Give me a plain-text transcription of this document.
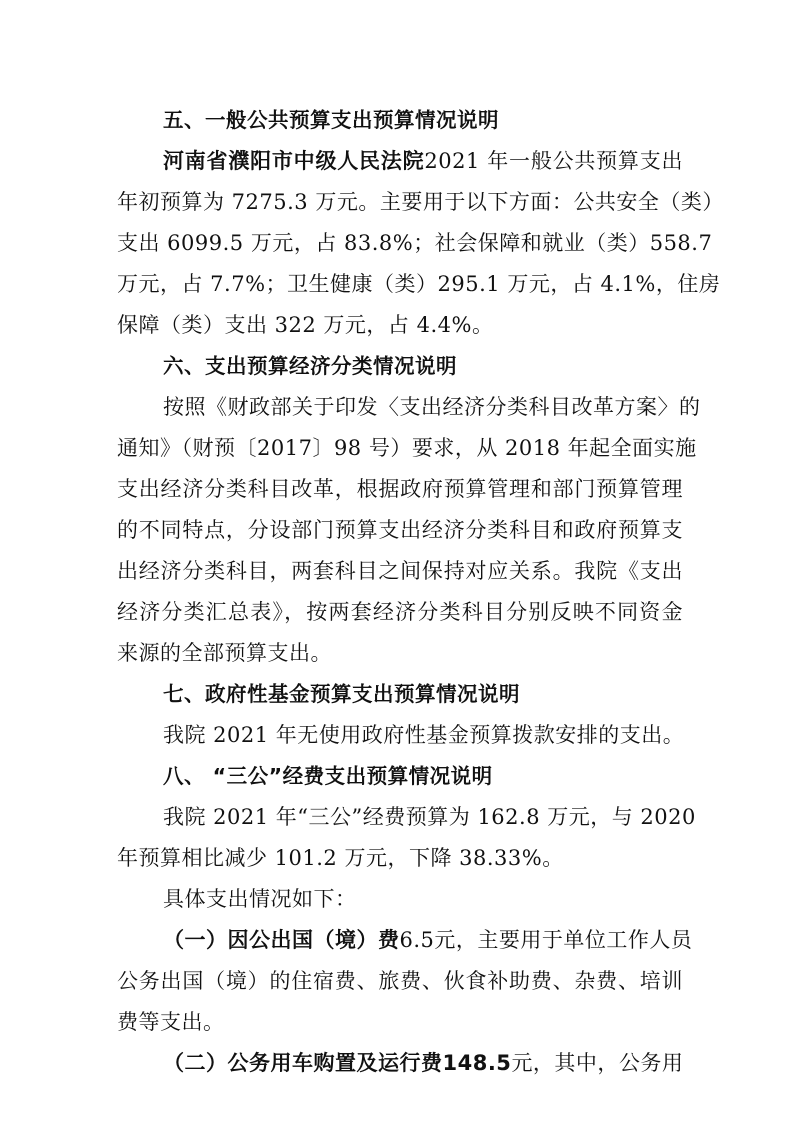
五、一般公共预算支出预算情况说明
河南省濮阳市中级人民法院2021 年一般公共预算支出
年初预算为 7275.3 万元。主要用于以下方面：公共安全（类）
支出 6099.5 万元，占 83.8%；社会保障和就业（类）558.7
万元，占 7.7%；卫生健康（类）295.1 万元，占 4.1%，住房
保障（类）支出 322 万元，占 4.4%。
六、支出预算经济分类情况说明
按照《财政部关于印发〈支出经济分类科目改革方案〉的
通知》（财预〔2017〕98 号）要求，从 2018 年起全面实施
支出经济分类科目改革，根据政府预算管理和部门预算管理
的不同特点，分设部门预算支出经济分类科目和政府预算支
出经济分类科目，两套科目之间保持对应关系。我院《支出
经济分类汇总表》，按两套经济分类科目分别反映不同资金
来源的全部预算支出。
七、政府性基金预算支出预算情况说明
我院 2021 年无使用政府性基金预算拨款安排的支出。
八、 “三公”经费支出预算情况说明
我院 2021 年“三公”经费预算为 162.8 万元，与 2020
年预算相比减少 101.2 万元，下降 38.33%。
具体支出情况如下：
（一）因公出国（境）费6.5元，主要用于单位工作人员
公务出国（境）的住宿费、旅费、伙食补助费、杂费、培训
费等支出。
（二）公务用车购置及运行费148.5元，其中，公务用
